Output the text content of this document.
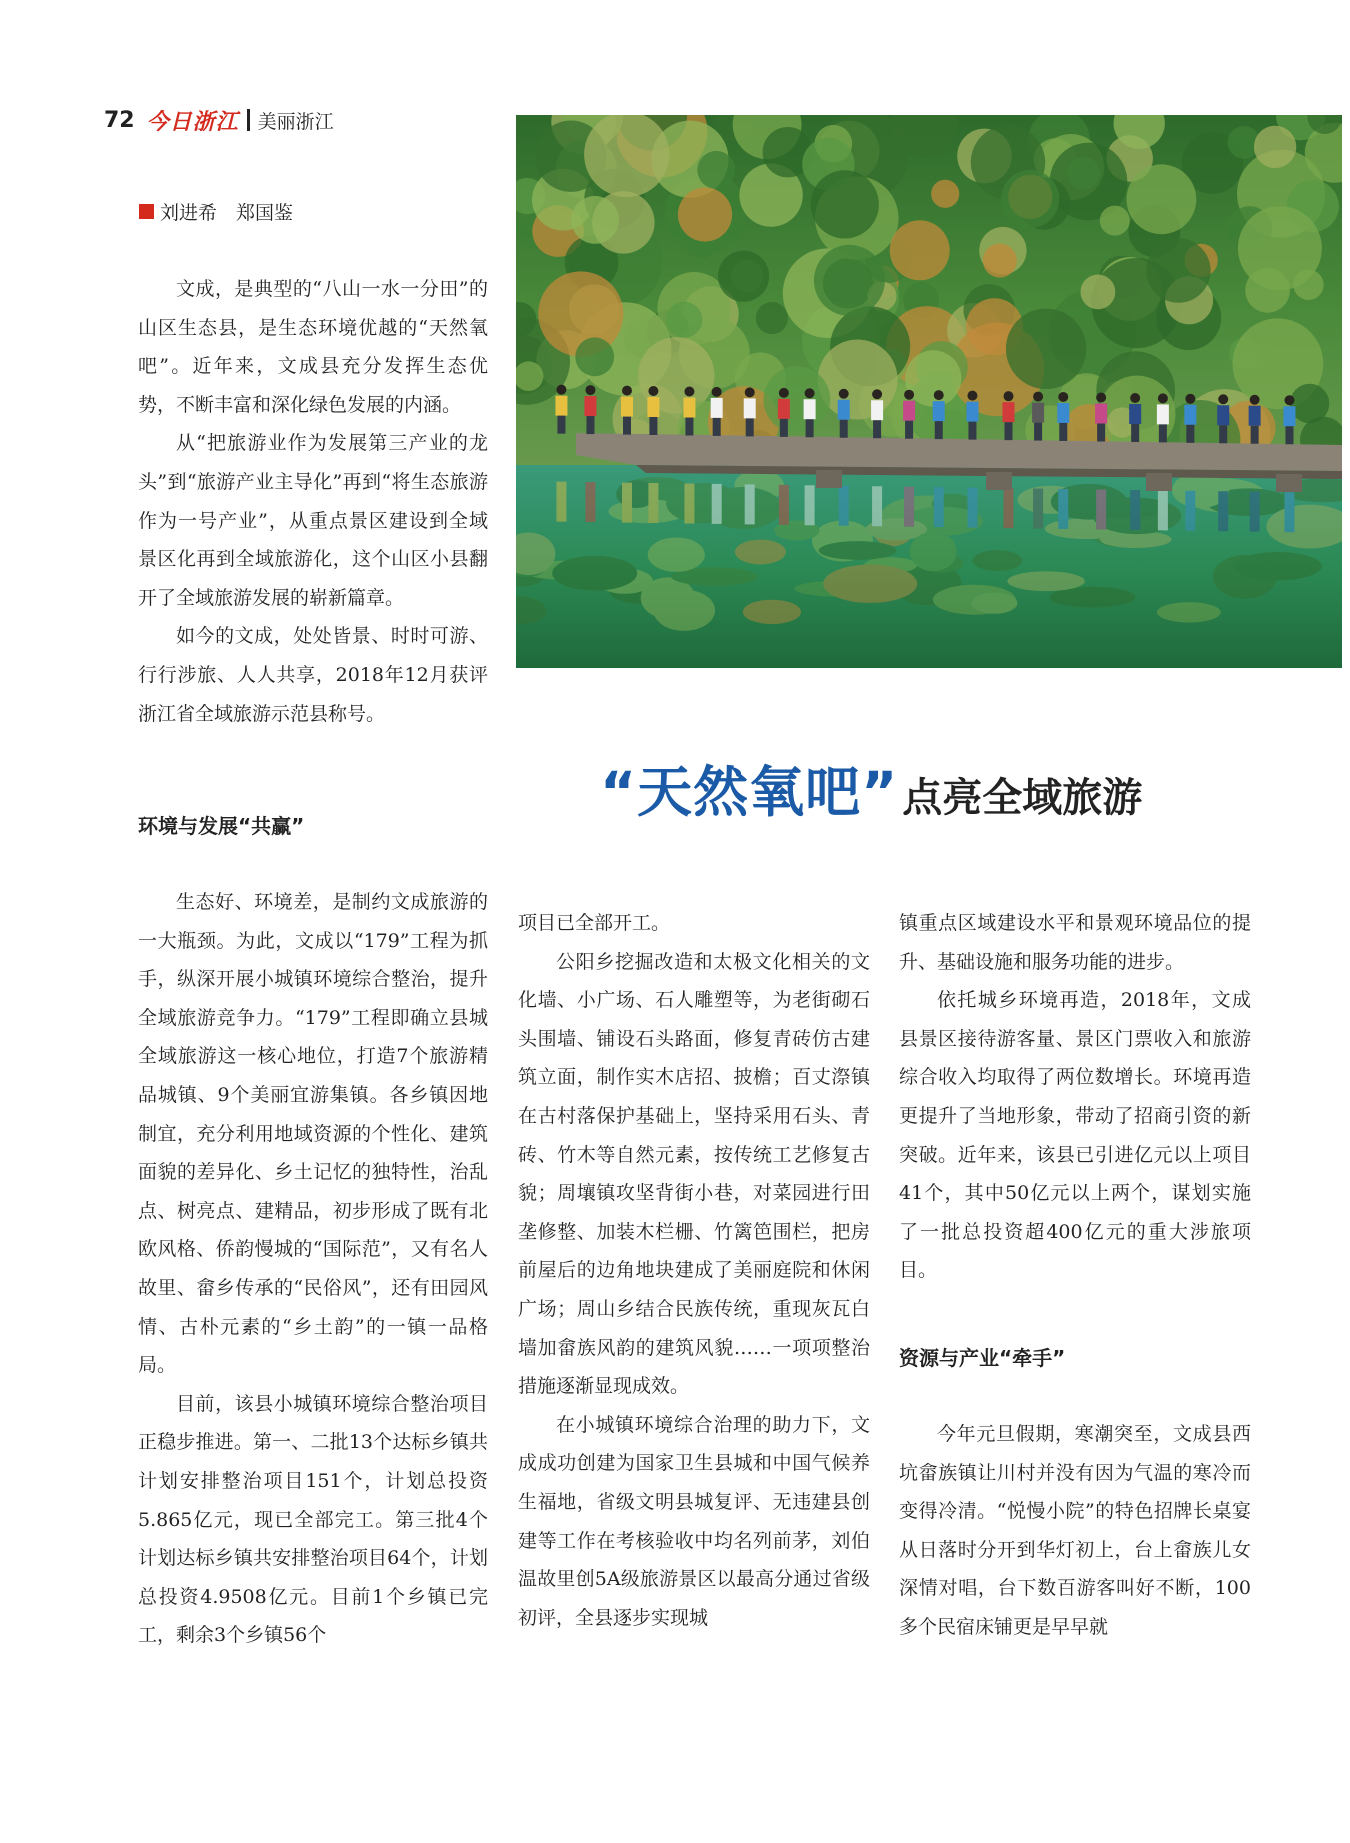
72 今日浙江 美丽浙江
刘进希　郑国鉴

文成，是典型的“八山一水一分田”的山区生态县，是生态环境优越的“天然氧吧”。近年来，文成县充分发挥生态优势，不断丰富和深化绿色发展的内涵。

从“把旅游业作为发展第三产业的龙头”到“旅游产业主导化”再到“将生态旅游作为一号产业”，从重点景区建设到全域景区化再到全域旅游化，这个山区小县翻开了全域旅游发展的崭新篇章。

如今的文成，处处皆景、时时可游、行行涉旅、人人共享，2018年12月获评浙江省全域旅游示范县称号。

环境与发展“共赢”

生态好、环境差，是制约文成旅游的一大瓶颈。为此，文成以“179”工程为抓手，纵深开展小城镇环境综合整治，提升全域旅游竞争力。“179”工程即确立县城全域旅游这一核心地位，打造7个旅游精品城镇、9个美丽宜游集镇。各乡镇因地制宜，充分利用地域资源的个性化、建筑面貌的差异化、乡土记忆的独特性，治乱点、树亮点、建精品，初步形成了既有北欧风格、侨韵慢城的“国际范”，又有名人故里、畲乡传承的“民俗风”，还有田园风情、古朴元素的“乡土韵”的一镇一品格局。

目前，该县小城镇环境综合整治项目正稳步推进。第一、二批13个达标乡镇共计划安排整治项目151个，计划总投资5.865亿元，现已全部完工。第三批4个计划达标乡镇共安排整治项目64个，计划总投资4.9508亿元。目前1个乡镇已完工，剩余3个乡镇56个

“天然氧吧” 点亮全域旅游

项目已全部开工。

公阳乡挖掘改造和太极文化相关的文化墙、小广场、石人雕塑等，为老街砌石头围墙、铺设石头路面，修复青砖仿古建筑立面，制作实木店招、披檐；百丈漈镇在古村落保护基础上，坚持采用石头、青砖、竹木等自然元素，按传统工艺修复古貌；周壤镇攻坚背街小巷，对菜园进行田垄修整、加装木栏栅、竹篱笆围栏，把房前屋后的边角地块建成了美丽庭院和休闲广场；周山乡结合民族传统，重现灰瓦白墙加畲族风韵的建筑风貌……一项项整治措施逐渐显现成效。

在小城镇环境综合治理的助力下，文成成功创建为国家卫生县城和中国气候养生福地，省级文明县城复评、无违建县创建等工作在考核验收中均名列前茅，刘伯温故里创5A级旅游景区以最高分通过省级初评，全县逐步实现城

镇重点区域建设水平和景观环境品位的提升、基础设施和服务功能的进步。

依托城乡环境再造，2018年，文成县景区接待游客量、景区门票收入和旅游综合收入均取得了两位数增长。环境再造更提升了当地形象，带动了招商引资的新突破。近年来，该县已引进亿元以上项目41个，其中50亿元以上两个，谋划实施了一批总投资超400亿元的重大涉旅项目。

资源与产业“牵手”

今年元旦假期，寒潮突至，文成县西坑畲族镇让川村并没有因为气温的寒冷而变得冷清。“悦慢小院”的特色招牌长桌宴从日落时分开到华灯初上，台上畲族儿女深情对唱，台下数百游客叫好不断，100多个民宿床铺更是早早就
